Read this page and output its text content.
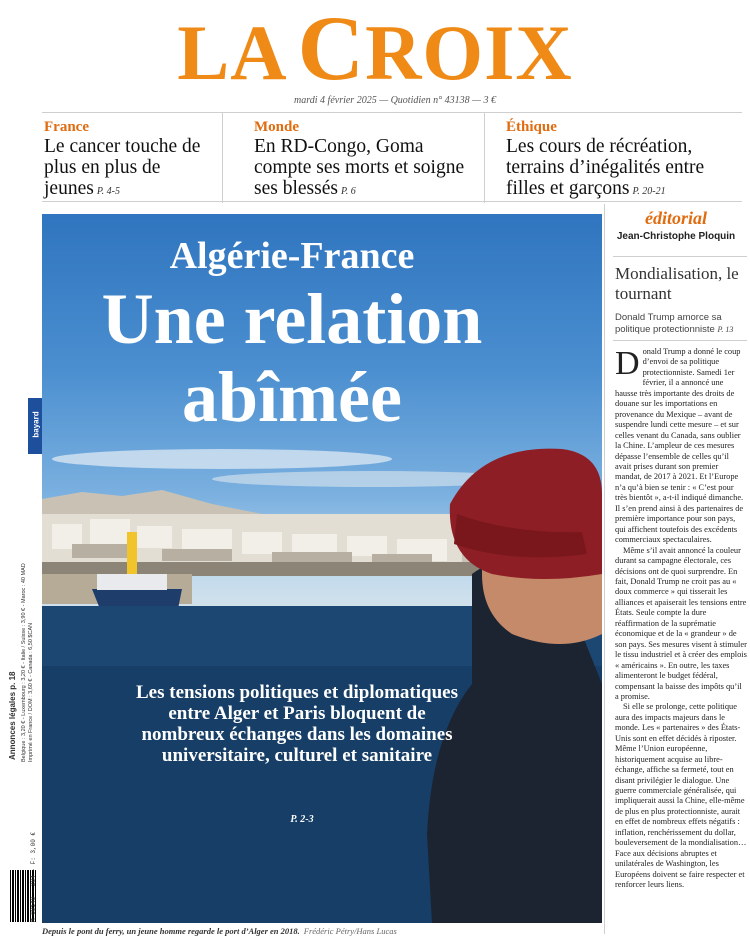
LA CROIX
mardi 4 février 2025 — Quotidien n° 43138 — 3 €
France
Le cancer touche de plus en plus de jeunes P. 4-5
Monde
En RD-Congo, Goma compte ses morts et soigne ses blessés P. 6
Éthique
Les cours de récréation, terrains d’inégalités entre filles et garçons P. 20-21
bayard
Annonces légales p. 18 Belgique : 3,20 € - Luxembourg : 3,20 € - Italie / Suisse : 3,90 € - Maroc : 40 MAD Imprimé en France / DOM : 3,60 € - Canada : 6,50 $CAN
M 00140 - 204 - F: 3,00 €
Algérie-France
Une relation
abîmée
Les tensions politiques et diplomatiques entre Alger et Paris bloquent de nombreux échanges dans les domaines universitaire, culturel et sanitaire
P. 2-3
Depuis le pont du ferry, un jeune homme regarde le port d’Alger en 2018. Frédéric Pétry/Hans Lucas
éditorial
Jean-Christophe Ploquin
Mondialisation, le tournant
Donald Trump amorce sa politique protectionniste P. 13

Donald Trump a donné le coup d’envoi de sa politique protectionniste. Samedi 1er février, il a annoncé une hausse très importante des droits de douane sur les importations en provenance du Mexique – avant de suspendre lundi cette mesure – et sur celles venant du Canada, sans oublier la Chine. L’ampleur de ces mesures dépasse l’ensemble de celles qu’il avait prises durant son premier mandat, de 2017 à 2021. Et l’Europe n’a qu’à bien se tenir : « C’est pour très bientôt », a-t-il indiqué dimanche. Il s’en prend ainsi à des partenaires de première importance pour son pays, qui affichent toutefois des excédents commerciaux spectaculaires.

Même s’il avait annoncé la couleur durant sa campagne électorale, ces décisions ont de quoi surprendre. En fait, Donald Trump ne croit pas au « doux commerce » qui tisserait les alliances et apaiserait les tensions entre États. Seule compte la dure réaffirmation de la suprématie économique et de la « grandeur » de son pays. Ses mesures visent à stimuler le tissu industriel et à créer des emplois « américains ». En outre, les taxes alimenteront le budget fédéral, compensant la baisse des impôts qu’il a promise.

Si elle se prolonge, cette politique aura des impacts majeurs dans le monde. Les « partenaires » des États-Unis sont en effet décidés à riposter. Même l’Union européenne, historiquement acquise au libre-échange, affiche sa fermeté, tout en disant privilégier le dialogue. Une guerre commerciale généralisée, qui impliquerait aussi la Chine, elle-même de plus en plus protectionniste, aurait en effet de nombreux effets négatifs : inflation, renchérissement du dollar, bouleversement de la mondialisation… Face aux décisions abruptes et unilatérales de Washington, les Européens doivent se faire respecter et renforcer leurs liens.
